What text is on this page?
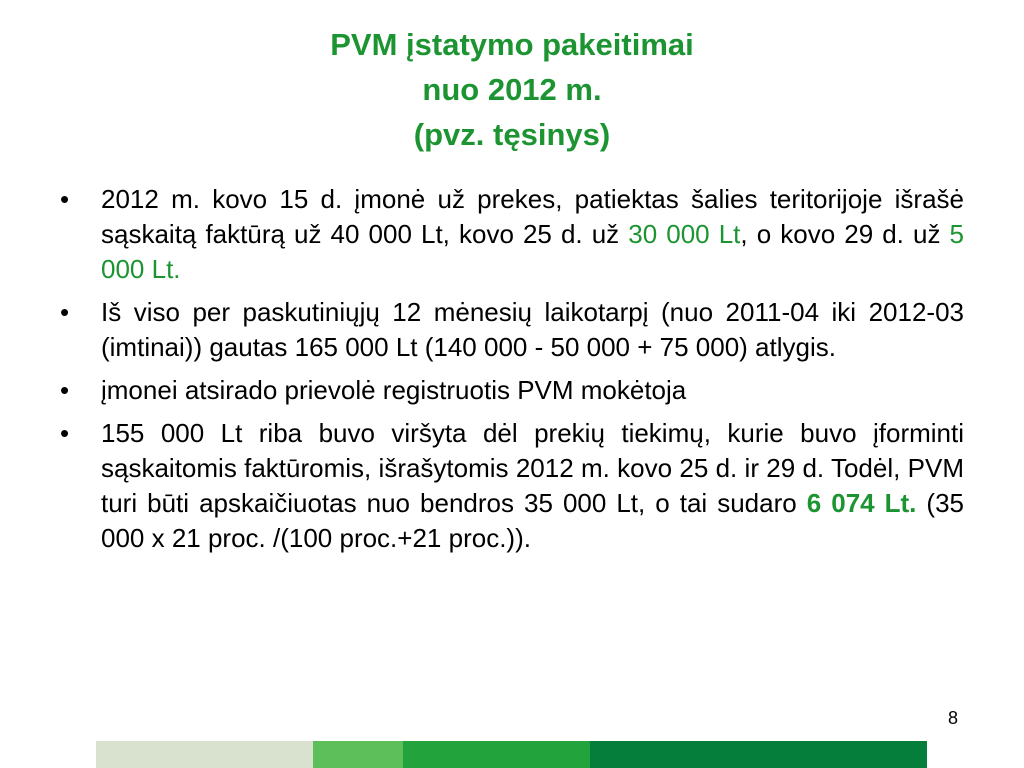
PVM įstatymo pakeitimai
nuo 2012 m.
(pvz. tęsinys)
• 2012 m. kovo 15 d. įmonė už prekes, patiektas šalies teritorijoje išrašė sąskaitą faktūrą už 40 000 Lt, kovo 25 d. už 30 000 Lt, o kovo 29 d. už 5 000 Lt.
• Iš viso per paskutiniųjų 12 mėnesių laikotarpį (nuo 2011-04 iki 2012-03 (imtinai)) gautas 165 000 Lt (140 000 - 50 000 + 75 000) atlygis.
• įmonei atsirado prievolė registruotis PVM mokėtoja
• 155 000 Lt riba buvo viršyta dėl prekių tiekimų, kurie buvo įforminti sąskaitomis faktūromis, išrašytomis 2012 m. kovo 25 d. ir 29 d. Todėl, PVM turi būti apskaičiuotas nuo bendros 35 000 Lt, o tai sudaro 6 074 Lt. (35 000 x 21 proc. /(100 proc.+21 proc.)).
8
